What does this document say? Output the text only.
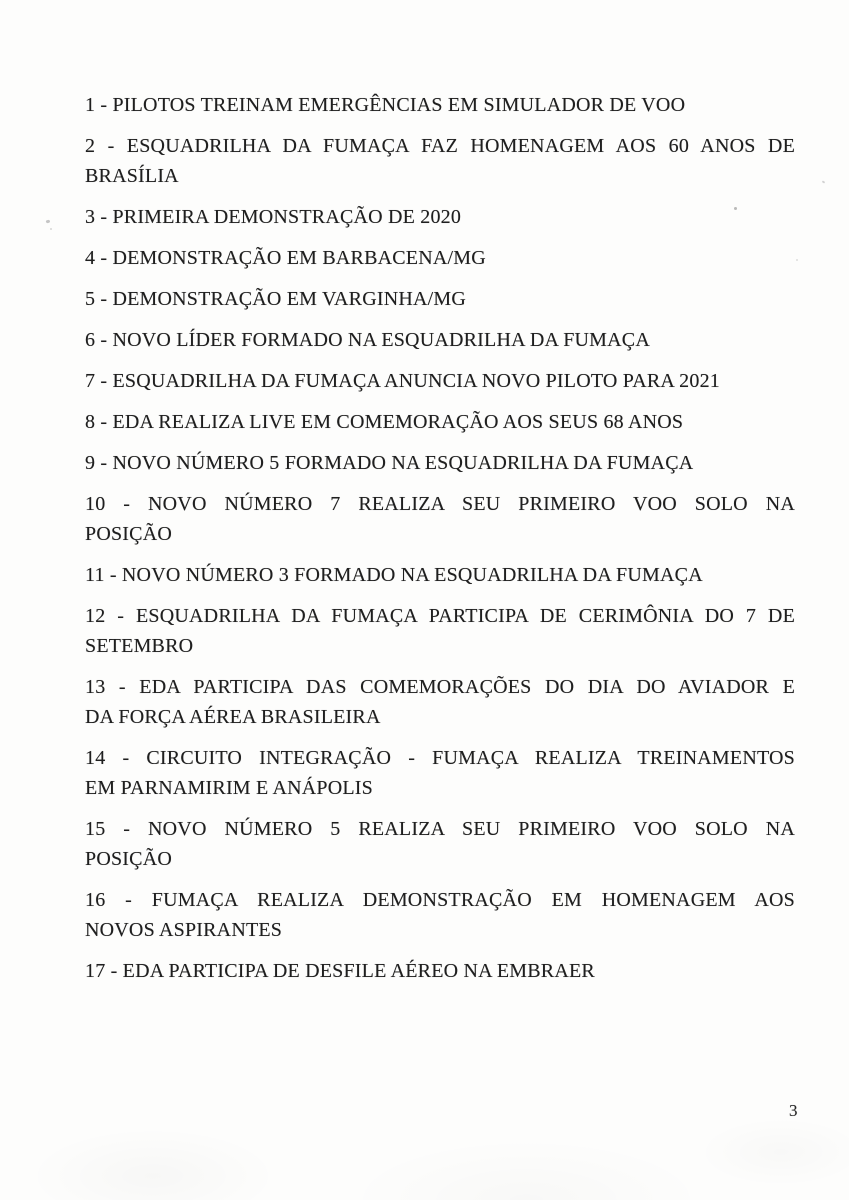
1 - PILOTOS TREINAM EMERGÊNCIAS EM SIMULADOR DE VOO

2 - ESQUADRILHA DA FUMAÇA FAZ HOMENAGEM AOS 60 ANOS DE
BRASÍLIA

3 - PRIMEIRA DEMONSTRAÇÃO DE 2020

4 - DEMONSTRAÇÃO EM BARBACENA/MG

5 - DEMONSTRAÇÃO EM VARGINHA/MG

6 - NOVO LÍDER FORMADO NA ESQUADRILHA DA FUMAÇA

7 - ESQUADRILHA DA FUMAÇA ANUNCIA NOVO PILOTO PARA 2021

8 - EDA REALIZA LIVE EM COMEMORAÇÃO AOS SEUS 68 ANOS

9 - NOVO NÚMERO 5 FORMADO NA ESQUADRILHA DA FUMAÇA

10 - NOVO NÚMERO 7 REALIZA SEU PRIMEIRO VOO SOLO NA
POSIÇÃO

11 - NOVO NÚMERO 3 FORMADO NA ESQUADRILHA DA FUMAÇA

12 - ESQUADRILHA DA FUMAÇA PARTICIPA DE CERIMÔNIA DO 7 DE
SETEMBRO

13 - EDA PARTICIPA DAS COMEMORAÇÕES DO DIA DO AVIADOR E
DA FORÇA AÉREA BRASILEIRA

14 - CIRCUITO INTEGRAÇÃO - FUMAÇA REALIZA TREINAMENTOS
EM PARNAMIRIM E ANÁPOLIS

15 - NOVO NÚMERO 5 REALIZA SEU PRIMEIRO VOO SOLO NA
POSIÇÃO

16 - FUMAÇA REALIZA DEMONSTRAÇÃO EM HOMENAGEM AOS
NOVOS ASPIRANTES

17 - EDA PARTICIPA DE DESFILE AÉREO NA EMBRAER

3
